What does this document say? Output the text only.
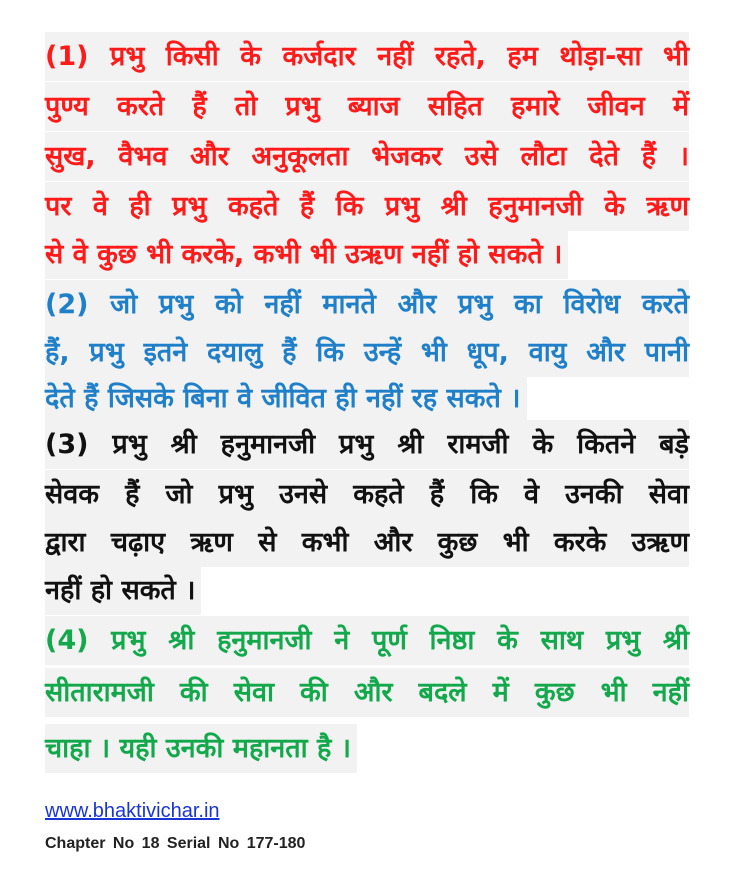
(1) प्रभु किसी के कर्जदार नहीं रहते, हम थोड़ा-सा भी
पुण्य करते हैं तो प्रभु ब्याज सहित हमारे जीवन में
सुख, वैभव और अनुकूलता भेजकर उसे लौटा देते हैं ।
पर वे ही प्रभु कहते हैं कि प्रभु श्री हनुमानजी के ऋण
से वे कुछ भी करके, कभी भी उऋण नहीं हो सकते ।
(2) जो प्रभु को नहीं मानते और प्रभु का विरोध करते
हैं, प्रभु इतने दयालु हैं कि उन्हें भी धूप, वायु और पानी
देते हैं जिसके बिना वे जीवित ही नहीं रह सकते ।
(3) प्रभु श्री हनुमानजी प्रभु श्री रामजी के कितने बड़े
सेवक हैं जो प्रभु उनसे कहते हैं कि वे उनकी सेवा
द्वारा चढ़ाए ऋण से कभी और कुछ भी करके उऋण
नहीं हो सकते ।
(4) प्रभु श्री हनुमानजी ने पूर्ण निष्ठा के साथ प्रभु श्री
सीतारामजी की सेवा की और बदले में कुछ भी नहीं
चाहा । यही उनकी महानता है ।
www.bhaktivichar.in
Chapter No 18 Serial No 177-180
